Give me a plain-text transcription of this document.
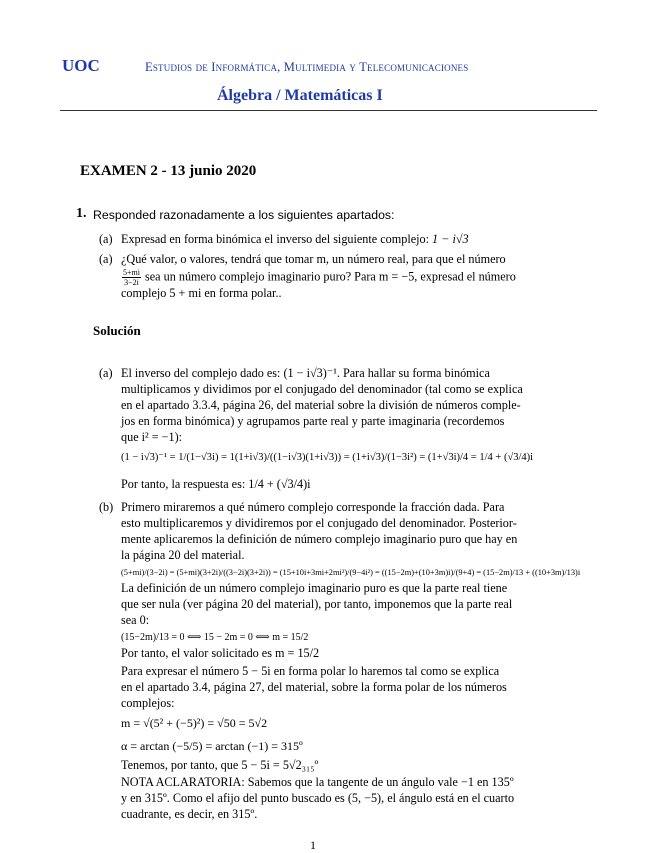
UOC	Estudios de Informática, Multimedia y Telecomunicaciones
Álgebra / Matemáticas I
EXAMEN 2 - 13 junio 2020
1. Responded razonadamente a los siguientes apartados:
(a) Expresad en forma binómica el inverso del siguiente complejo: 1 − i√3
(a) ¿Qué valor, o valores, tendrá que tomar m, un número real, para que el número
$\frac{5+mi}{3-2i}$ sea un número complejo imaginario puro? Para m = −5, expresad el número
complejo 5 + mi en forma polar..
Solución
(a) El inverso del complejo dado es: (1 − i√3)⁻¹. Para hallar su forma binómica
multiplicamos y dividimos por el conjugado del denominador (tal como se explica
en el apartado 3.3.4, página 26, del material sobre la división de números comple-
jos en forma binómica) y agrupamos parte real y parte imaginaria (recordemos
que i² = −1):
(1 − i√3)⁻¹ = 1/(1−√3i) = 1(1+i√3)/((1−i√3)(1+i√3)) = (1+i√3)/(1−3i²) = (1+√3i)/4 = 1/4 + (√3/4)i
Por tanto, la respuesta es: 1/4 + (√3/4)i
(b) Primero miraremos a qué número complejo corresponde la fracción dada. Para
esto multiplicaremos y dividiremos por el conjugado del denominador. Posterior-
mente aplicaremos la definición de número complejo imaginario puro que hay en
la página 20 del material.
(5+mi)/(3−2i) = (5+mi)(3+2i)/((3−2i)(3+2i)) = (15+10i+3mi+2mi²)/(9−4i²) = ((15−2m)+(10+3m)i)/(9+4) = (15−2m)/13 + ((10+3m)/13)i
La definición de un número complejo imaginario puro es que la parte real tiene
que ser nula (ver página 20 del material), por tanto, imponemos que la parte real
sea 0:
(15−2m)/13 = 0 ⟺ 15 − 2m = 0 ⟺ m = 15/2
Por tanto, el valor solicitado es m = 15/2
Para expresar el número 5 − 5i en forma polar lo haremos tal como se explica
en el apartado 3.4, página 27, del material, sobre la forma polar de los números
complejos:
m = √(5² + (−5)²) = √50 = 5√2
α = arctan (−5/5) = arctan (−1) = 315º
Tenemos, por tanto, que 5 − 5i = 5√2₃₁₅º
NOTA ACLARATORIA: Sabemos que la tangente de un ángulo vale −1 en 135º
y en 315º. Como el afijo del punto buscado es (5, −5), el ángulo está en el cuarto
cuadrante, es decir, en 315º.
1
